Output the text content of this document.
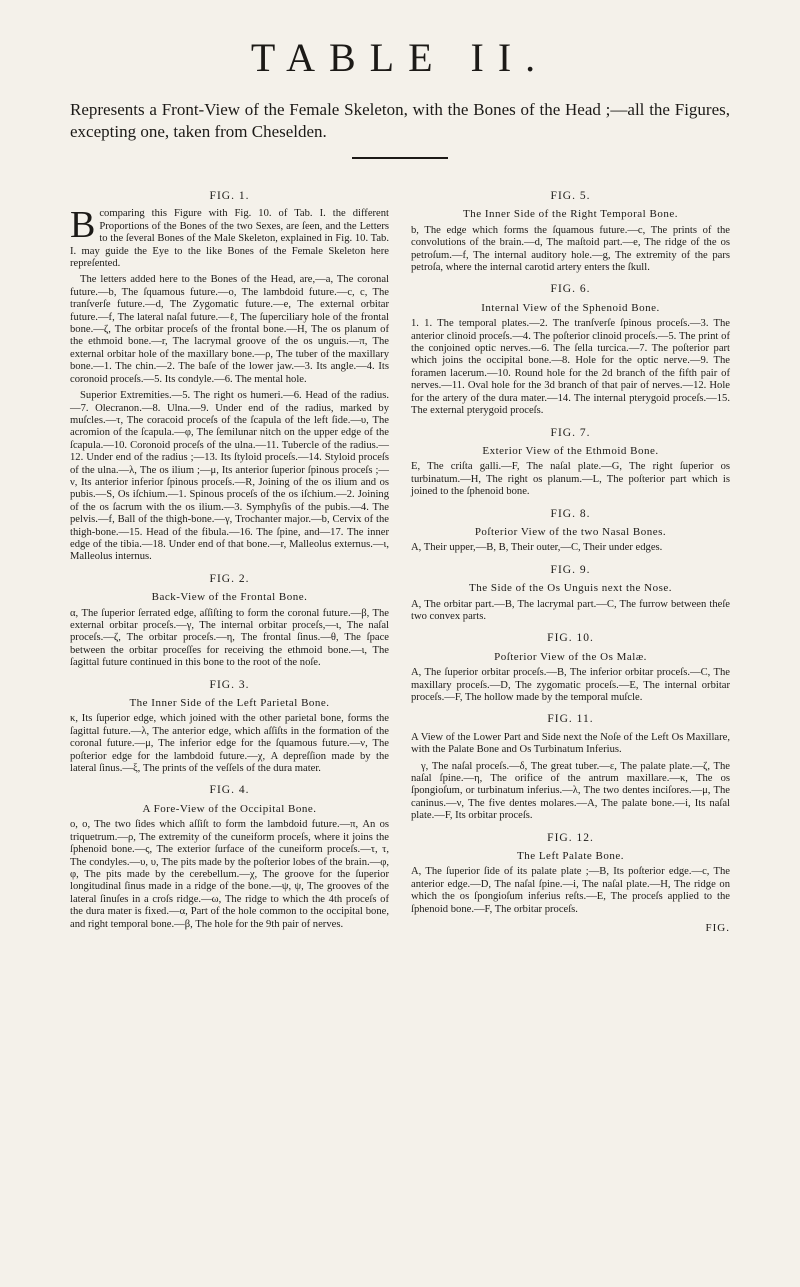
TABLE II.

Represents a Front-View of the Female Skeleton, with the Bones of the Head ;—all the Figures, excepting one, taken from Cheselden.

FIG. 1.

Bcomparing this Figure with Fig. 10. of Tab. I. the different Proportions of the Bones of the two Sexes, are ſeen, and the Letters to the ſeveral Bones of the Male Skeleton, explained in Fig. 10. Tab. I. may guide the Eye to the like Bones of the Female Skeleton here repreſented.

The letters added here to the Bones of the Head, are,—a, The coronal future.—b, The ſquamous future.—o, The lambdoid future.—c, c, The tranſverſe future.—d, The Zygomatic future.—e, The external orbitar future.—f, The lateral naſal future.—ℓ, The ſuperciliary hole of the frontal bone.—ζ, The orbitar proceſs of the frontal bone.—H, The os planum of the ethmoid bone.—r, The lacrymal groove of the os unguis.—π, The external orbitar hole of the maxillary bone.—ρ, The tuber of the maxillary bone.—1. The chin.—2. The baſe of the lower jaw.—3. Its angle.—4. Its coronoid proceſs.—5. Its condyle.—6. The mental hole.

Superior Extremities.—5. The right os humeri.—6. Head of the radius.—7. Olecranon.—8. Ulna.—9. Under end of the radius, marked by muſcles.—τ, The coracoid proceſs of the ſcapula of the left ſide.—υ, The acromion of the ſcapula.—φ, The ſemilunar nitch on the upper edge of the ſcapula.—10. Coronoid proceſs of the ulna.—11. Tubercle of the radius.—12. Under end of the radius ;—13. Its ſtyloid proceſs.—14. Styloid proceſs of the ulna.—λ, The os ilium ;—μ, Its anterior ſuperior ſpinous proceſs ;—ν, Its anterior inferior ſpinous proceſs.—R, Joining of the os ilium and os pubis.—S, Os iſchium.—1. Spinous proceſs of the os iſchium.—2. Joining of the os ſacrum with the os ilium.—3. Symphyſis of the pubis.—4. The pelvis.—f, Ball of the thigh-bone.—γ, Trochanter major.—b, Cervix of the thigh-bone.—15. Head of the fibula.—16. The ſpine, and—17. The inner edge of the tibia.—18. Under end of that bone.—r, Malleolus externus.—ι, Malleolus internus.

FIG. 2.
Back-View of the Frontal Bone.

α, The ſuperior ſerrated edge, aſſiſting to form the coronal future.—β, The external orbitar proceſs.—γ, The internal orbitar proceſs,—ι, The naſal proceſs.—ζ, The orbitar proceſs.—η, The frontal ſinus.—θ, The ſpace between the orbitar proceſſes for receiving the ethmoid bone.—ι, The ſagittal future continued in this bone to the root of the noſe.

FIG. 3.
The Inner Side of the Left Parietal Bone.

κ, Its ſuperior edge, which joined with the other parietal bone, forms the ſagittal future.—λ, The anterior edge, which aſſiſts in the formation of the coronal future.—μ, The inferior edge for the ſquamous future.—ν, The poſterior edge for the lambdoid future.—χ, A depreſſion made by the lateral ſinus.—ξ, The prints of the veſſels of the dura mater.

FIG. 4.
A Fore-View of the Occipital Bone.

o, o, The two ſides which aſſiſt to form the lambdoid future.—π, An os triquetrum.—ρ, The extremity of the cuneiform proceſs, where it joins the ſphenoid bone.—ς, The exterior ſurface of the cuneiform proceſs.—τ, τ, The condyles.—υ, υ, The pits made by the poſterior lobes of the brain.—φ, φ, The pits made by the cerebellum.—χ, The groove for the ſuperior longitudinal ſinus made in a ridge of the bone.—ψ, ψ, The grooves of the lateral ſinuſes in a croſs ridge.—ω, The ridge to which the 4th proceſs of the dura mater is fixed.—α, Part of the hole common to the occipital bone, and right temporal bone.—β, The hole for the 9th pair of nerves.

FIG. 5.
The Inner Side of the Right Temporal Bone.

b, The edge which forms the ſquamous future.—c, The prints of the convolutions of the brain.—d, The maſtoid part.—e, The ridge of the os petroſum.—f, The internal auditory hole.—g, The extremity of the pars petroſa, where the internal carotid artery enters the ſkull.

FIG. 6.
Internal View of the Sphenoid Bone.

1. 1. The temporal plates.—2. The tranſverſe ſpinous proceſs.—3. The anterior clinoid proceſs.—4. The poſterior clinoid proceſs.—5. The print of the conjoined optic nerves.—6. The ſella turcica.—7. The poſterior part which joins the occipital bone.—8. Hole for the optic nerve.—9. The foramen lacerum.—10. Round hole for the 2d branch of the fifth pair of nerves.—11. Oval hole for the 3d branch of that pair of nerves.—12. Hole for the artery of the dura mater.—14. The internal pterygoid proceſs.—15. The external pterygoid proceſs.

FIG. 7.
Exterior View of the Ethmoid Bone.

E, The criſta galli.—F, The naſal plate.—G, The right ſuperior os turbinatum.—H, The right os planum.—L, The poſterior part which is joined to the ſphenoid bone.

FIG. 8.
Poſterior View of the two Nasal Bones.

A, Their upper,—B, B, Their outer,—C, Their under edges.

FIG. 9.
The Side of the Os Unguis next the Nose.

A, The orbitar part.—B, The lacrymal part.—C, The furrow between theſe two convex parts.

FIG. 10.
Poſterior View of the Os Malæ.

A, The ſuperior orbitar proceſs.—B, The inferior orbitar proceſs.—C, The maxillary proceſs.—D, The zygomatic proceſs.—E, The internal orbitar proceſs.—F, The hollow made by the temporal muſcle.

FIG. 11.

A View of the Lower Part and Side next the Noſe of the Left Os Maxillare, with the Palate Bone and Os Turbinatum Inferius.

γ, The naſal proceſs.—δ, The great tuber.—ε, The palate plate.—ζ, The naſal ſpine.—η, The orifice of the antrum maxillare.—κ, The os ſpongioſum, or turbinatum inferius.—λ, The two dentes inciſores.—μ, The caninus.—ν, The five dentes molares.—A, The palate bone.—i, Its naſal plate.—F, Its orbitar proceſs.

FIG. 12.
The Left Palate Bone.

A, The ſuperior ſide of its palate plate ;—B, Its poſterior edge.—c, The anterior edge.—D, The naſal ſpine.—i, The naſal plate.—H, The ridge on which the os ſpongioſum inferius reſts.—E, The proceſs applied to the ſphenoid bone.—F, The orbitar proceſs.

FIG.
